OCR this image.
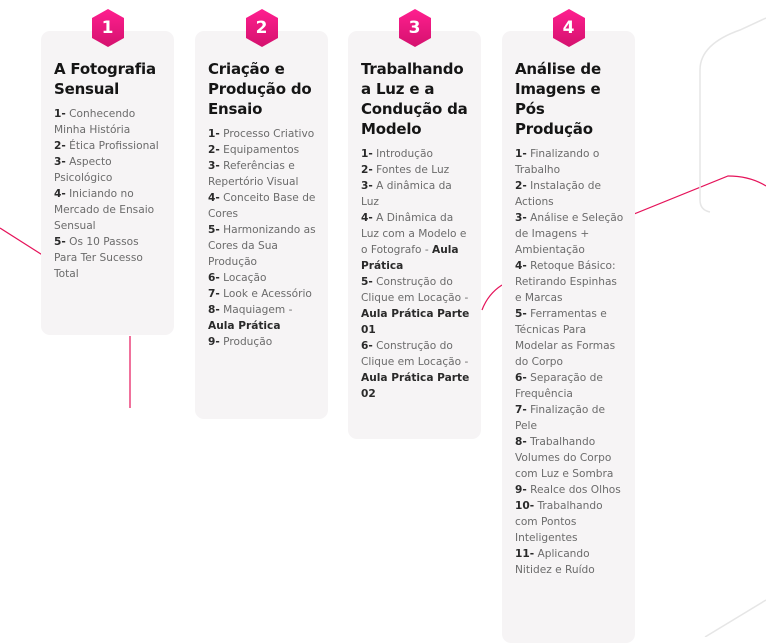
1
A Fotografia Sensual
1- Conhecendo Minha História
2- Ética Profissional
3- Aspecto Psicológico
4- Iniciando no Mercado de Ensaio Sensual
5- Os 10 Passos Para Ter Sucesso Total
2
Criação e Produção do Ensaio
1- Processo Criativo
2- Equipamentos
3- Referências e Repertório Visual
4- Conceito Base de Cores
5- Harmonizando as Cores da Sua Produção
6- Locação
7- Look e Acessório
8- Maquiagem - Aula Prática
9- Produção
3
Trabalhando a Luz e a Condução da Modelo
1- Introdução
2- Fontes de Luz
3- A dinâmica da Luz
4- A Dinâmica da Luz com a Modelo e o Fotografo - Aula Prática
5- Construção do Clique em Locação - Aula Prática Parte 01
6- Construção do Clique em Locação - Aula Prática Parte 02
4
Análise de Imagens e Pós Produção
1- Finalizando o Trabalho
2- Instalação de Actions
3- Análise e Seleção de Imagens + Ambientação
4- Retoque Básico: Retirando Espinhas e Marcas
5- Ferramentas e Técnicas Para Modelar as Formas do Corpo
6- Separação de Frequência
7- Finalização de Pele
8- Trabalhando Volumes do Corpo com Luz e Sombra
9- Realce dos Olhos
10- Trabalhando com Pontos Inteligentes
11- Aplicando Nitidez e Ruído
